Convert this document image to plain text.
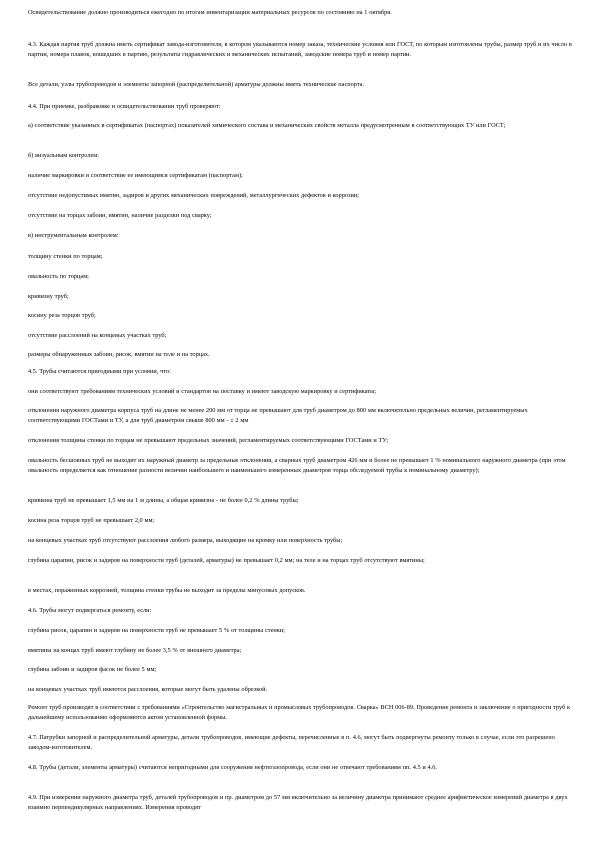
Освидетельствование должно производиться ежегодно по итогам инвентаризации материальных ресурсов по состоянию на 1 октября.

4.3. Каждая партия труб должна иметь сертификат завода-изготовителя, в котором указываются номер заказа, технические условия или ГОСТ, по которым изготовлены трубы, размер труб и их число в партии, номера плавок, вошедших в партию, результаты гидравлических и механических испытаний, заводские номера труб и номер партии.

Все детали, узлы трубопроводов и элементы запорной (распределительной) арматуры должны иметь технические паспорта.

4.4. При приемке, разбраковке и освидетельствовании труб проверяют:

а) соответствие указанных в сертификатах (паспортах) показателей химического состава и механических свойств металла предусмотренным в соответствующих ТУ или ГОСТ;

б) визуальным контролем:

наличие маркировки и соответствие ее имеющимся сертификатам (паспортам);

отсутствие недопустимых вмятин, задиров и других механических повреждений, металлургических дефектов и коррозии;

отсутствие на торцах забоин, вмятин, наличие разделки под сварку;

в) инструментальным контролем:

толщину стенки по торцам;

овальность по торцам;

кривизну труб;

косину реза торцов труб;

отсутствие расслоений на концевых участках труб;

размеры обнаруженных забоин, рисок, вмятин на теле и на торцах.

4.5. Трубы считаются пригодными при условии, что:

они соответствуют требованиям технических условий и стандартов на поставку и имеют заводскую маркировку и сертификаты;

отклонения наружного диаметра корпуса труб на длине не менее 200 мм от торца не превышают для труб диаметром до 800 мм включительно предельных величин, регламентируемых соответствующими ГОСТами и ТУ, а для труб диаметром свыше 800 мм - ± 2 мм

отклонения толщины стенки по торцам не превышают предельных значений, регламентируемых соответствующими ГОСТами и ТУ;

овальность бесшовных труб не выходит их наружный диаметр за предельные отклонения, а сварных труб диаметром 426 мм и более не превышает 1 % номинального наружного диаметра (при этом овальность определяется как отношение разности величин наибольшего и наименьшего измеренных диаметров торца обследуемой трубы к номинальному диаметру);

кривизна труб не превышает 1,5 мм на 1 м длины, а общая кривизна - не более 0,2 % длины трубы;

косина реза торцов труб не превышает 2,0 мм;

на концевых участках труб отсутствуют расслоения любого размера, выходящие на кромку или поверхность трубы;

глубина царапин, рисок и задиров на поверхности труб (деталей, арматуры) не превышает 0,2 мм; на теле и на торцах труб отсутствуют вмятины;

в местах, пораженных коррозией, толщина стенки трубы не выходит за пределы минусовых допусков.

4.6. Трубы могут подвергаться ремонту, если:

глубина рисок, царапин и задиров на поверхности труб не превышает 5 % от толщины стенки;

вмятины на концах труб имеют глубину не более 3,5 % от внешнего диаметра;

глубина забоин и задиров фасок не более 5 мм;

на концевых участках труб имеются расслоения, которые могут быть удалены обрезкой.

Ремонт труб производят в соответствии с требованиями «Строительство магистральных и промысловых трубопроводов. Сварка» ВСН 006-89. Проведение ремонта и заключение о пригодности труб к дальнейшему использованию оформляются актом установленной формы.

4.7. Патрубки запорной и распределительной арматуры, детали трубопроводов, имеющие дефекты, перечисленные в п. 4.6, могут быть подвергнуты ремонту только в случае, если это разрешено заводом-изготовителем.

4.8. Трубы (детали, элементы арматуры) считаются непригодными для сооружения нефтегазопровода, если они не отвечают требованиям пп. 4.5 и 4.6.

4.9. При измерении наружного диаметра труб, деталей трубопроводов и пр. диаметром до 57 мм включительно за величину диаметра принимают среднее арифметическое измерений диаметра в двух взаимно перпендикулярных направлениях. Измерения проводят
